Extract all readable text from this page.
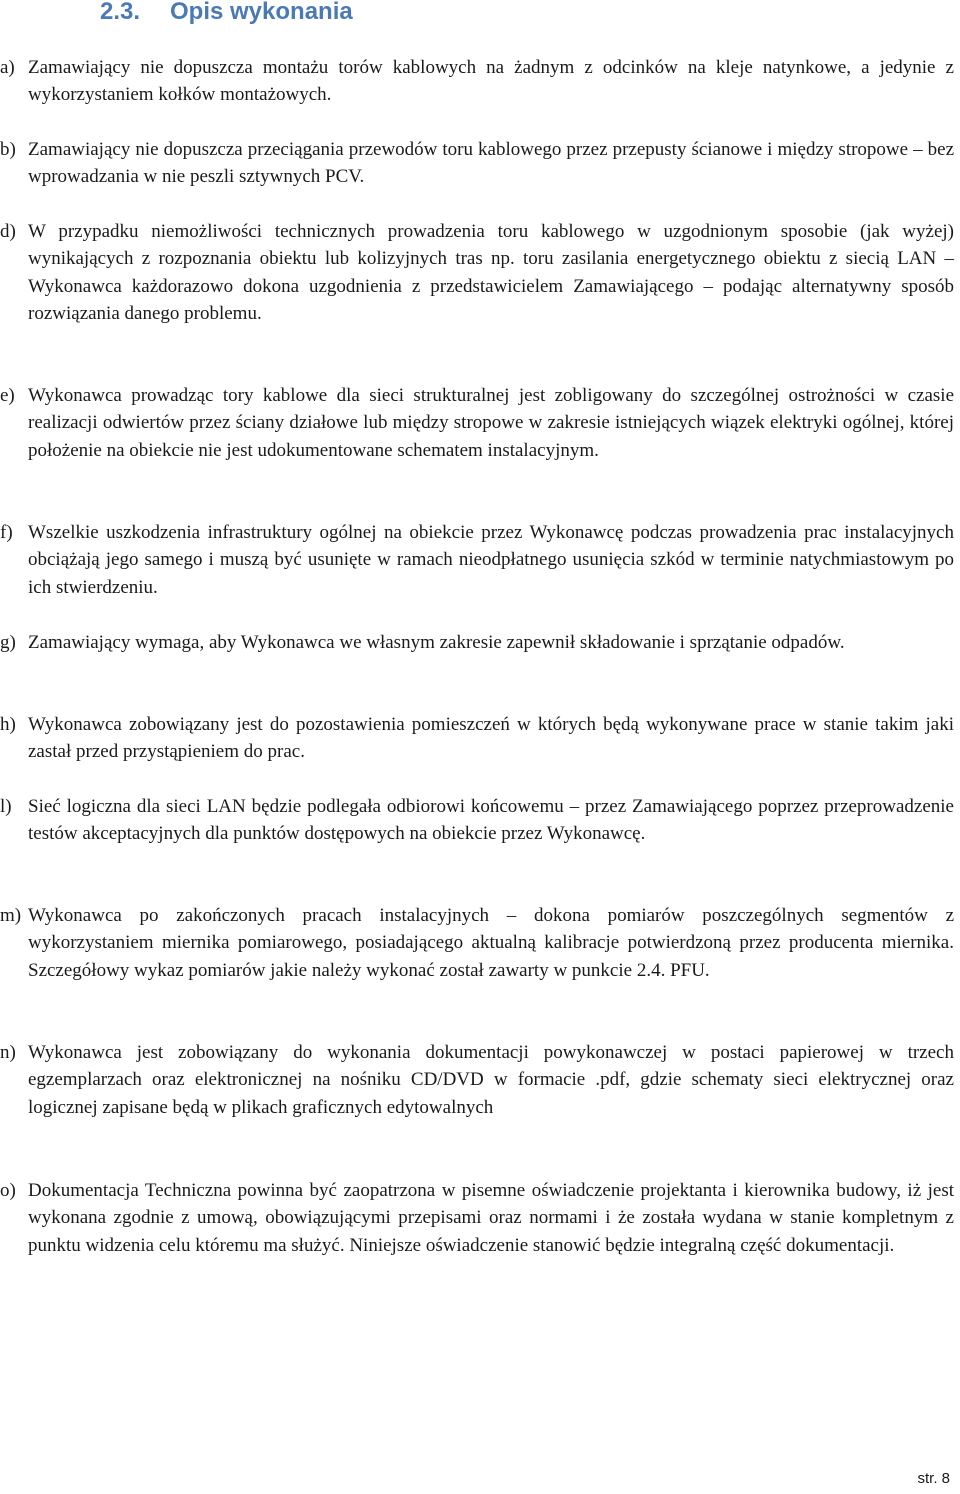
2.3. Opis wykonania

a) Zamawiający nie dopuszcza montażu torów kablowych na żadnym z odcinków na kleje natynkowe, a jedynie z wykorzystaniem kołków montażowych.

b) Zamawiający nie dopuszcza przeciągania przewodów toru kablowego przez przepusty ścianowe i między stropowe – bez wprowadzania w nie peszli sztywnych PCV.

d) W przypadku niemożliwości technicznych prowadzenia toru kablowego w uzgodnionym sposobie (jak wyżej) wynikających z rozpoznania obiektu lub kolizyjnych tras np. toru zasilania energetycznego obiektu z siecią LAN – Wykonawca każdorazowo dokona uzgodnienia z przedstawicielem Zamawiającego – podając alternatywny sposób rozwiązania danego problemu.

e) Wykonawca prowadząc tory kablowe dla sieci strukturalnej jest zobligowany do szczególnej ostrożności w czasie realizacji odwiertów przez ściany działowe lub między stropowe w zakresie istniejących wiązek elektryki ogólnej, której położenie na obiekcie nie jest udokumentowane schematem instalacyjnym.

f) Wszelkie uszkodzenia infrastruktury ogólnej na obiekcie przez Wykonawcę podczas prowadzenia prac instalacyjnych obciążają jego samego i muszą być usunięte w ramach nieodpłatnego usunięcia szkód w terminie natychmiastowym po ich stwierdzeniu.

g) Zamawiający wymaga, aby Wykonawca we własnym zakresie zapewnił składowanie i sprzątanie odpadów.

h) Wykonawca zobowiązany jest do pozostawienia pomieszczeń w których będą wykonywane prace w stanie takim jaki zastał przed przystąpieniem do prac.

l) Sieć logiczna dla sieci LAN będzie podlegała odbiorowi końcowemu – przez Zamawiającego poprzez przeprowadzenie testów akceptacyjnych dla punktów dostępowych na obiekcie przez Wykonawcę.

m) Wykonawca po zakończonych pracach instalacyjnych – dokona pomiarów poszczególnych segmentów z wykorzystaniem miernika pomiarowego, posiadającego aktualną kalibracje potwierdzoną przez producenta miernika. Szczegółowy wykaz pomiarów jakie należy wykonać został zawarty w punkcie 2.4. PFU.

n) Wykonawca jest zobowiązany do wykonania dokumentacji powykonawczej w postaci papierowej w trzech egzemplarzach oraz elektronicznej na nośniku CD/DVD w formacie .pdf, gdzie schematy sieci elektrycznej oraz logicznej zapisane będą w plikach graficznych edytowalnych

o) Dokumentacja Techniczna powinna być zaopatrzona w pisemne oświadczenie projektanta i kierownika budowy, iż jest wykonana zgodnie z umową, obowiązującymi przepisami oraz normami i że została wydana w stanie kompletnym z punktu widzenia celu któremu ma służyć. Niniejsze oświadczenie stanowić będzie integralną część dokumentacji.

str. 8
